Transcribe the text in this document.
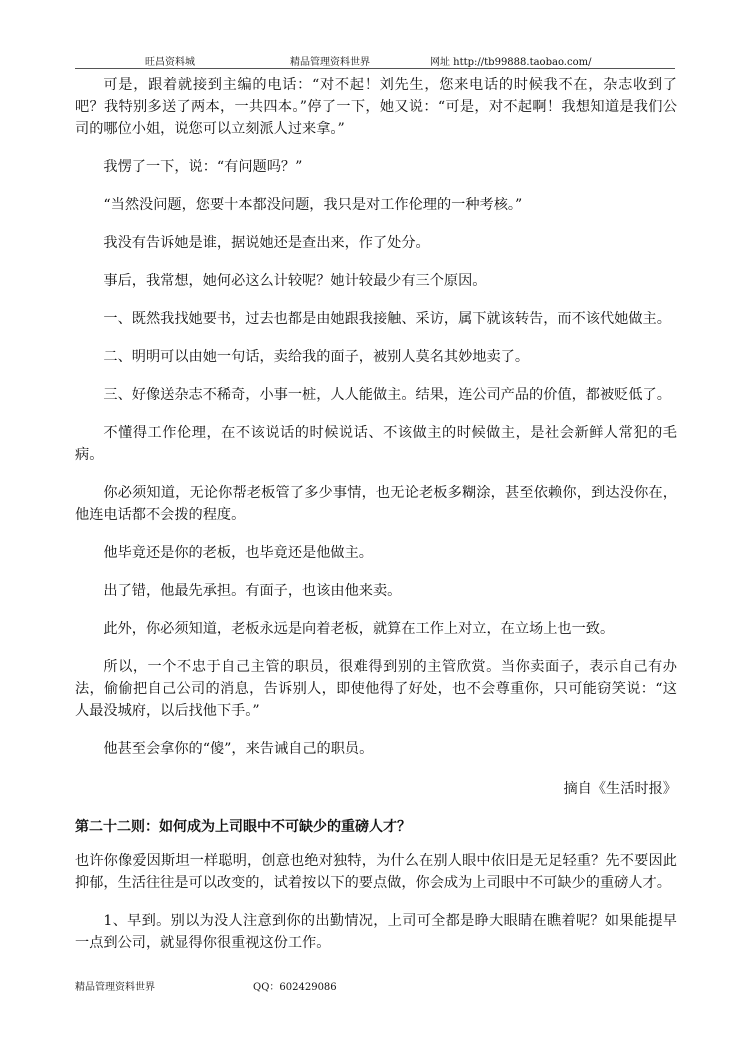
旺昌资料城	精品管理资料世界	网址 http://tb99888.taobao.com/

可是，跟着就接到主编的电话：“对不起！刘先生，您来电话的时候我不在，杂志收到了吧？我特别多送了两本，一共四本。”停了一下，她又说：“可是，对不起啊！我想知道是我们公司的哪位小姐，说您可以立刻派人过来拿。”

我愣了一下，说：“有问题吗？”

“当然没问题，您要十本都没问题，我只是对工作伦理的一种考核。”

我没有告诉她是谁，据说她还是查出来，作了处分。

事后，我常想，她何必这么计较呢？她计较最少有三个原因。

一、既然我找她要书，过去也都是由她跟我接触、采访，属下就该转告，而不该代她做主。

二、明明可以由她一句话，卖给我的面子，被别人莫名其妙地卖了。

三、好像送杂志不稀奇，小事一桩，人人能做主。结果，连公司产品的价值，都被贬低了。

不懂得工作伦理，在不该说话的时候说话、不该做主的时候做主，是社会新鲜人常犯的毛病。

你必须知道，无论你帮老板管了多少事情，也无论老板多糊涂，甚至依赖你，到达没你在，他连电话都不会拨的程度。

他毕竟还是你的老板，也毕竟还是他做主。

出了错，他最先承担。有面子，也该由他来卖。

此外，你必须知道，老板永远是向着老板，就算在工作上对立，在立场上也一致。

所以，一个不忠于自己主管的职员，很难得到别的主管欣赏。当你卖面子，表示自己有办法，偷偷把自己公司的消息，告诉别人，即使他得了好处，也不会尊重你，只可能窃笑说：“这人最没城府，以后找他下手。”

他甚至会拿你的“傻”，来告诫自己的职员。

摘自《生活时报》

第二十二则：如何成为上司眼中不可缺少的重磅人才？

也许你像爱因斯坦一样聪明，创意也绝对独特，为什么在别人眼中依旧是无足轻重？先不要因此抑郁，生活往往是可以改变的，试着按以下的要点做，你会成为上司眼中不可缺少的重磅人才。

1、早到。别以为没人注意到你的出勤情况，上司可全都是睁大眼睛在瞧着呢？如果能提早一点到公司，就显得你很重视这份工作。

精品管理资料世界	QQ：602429086
